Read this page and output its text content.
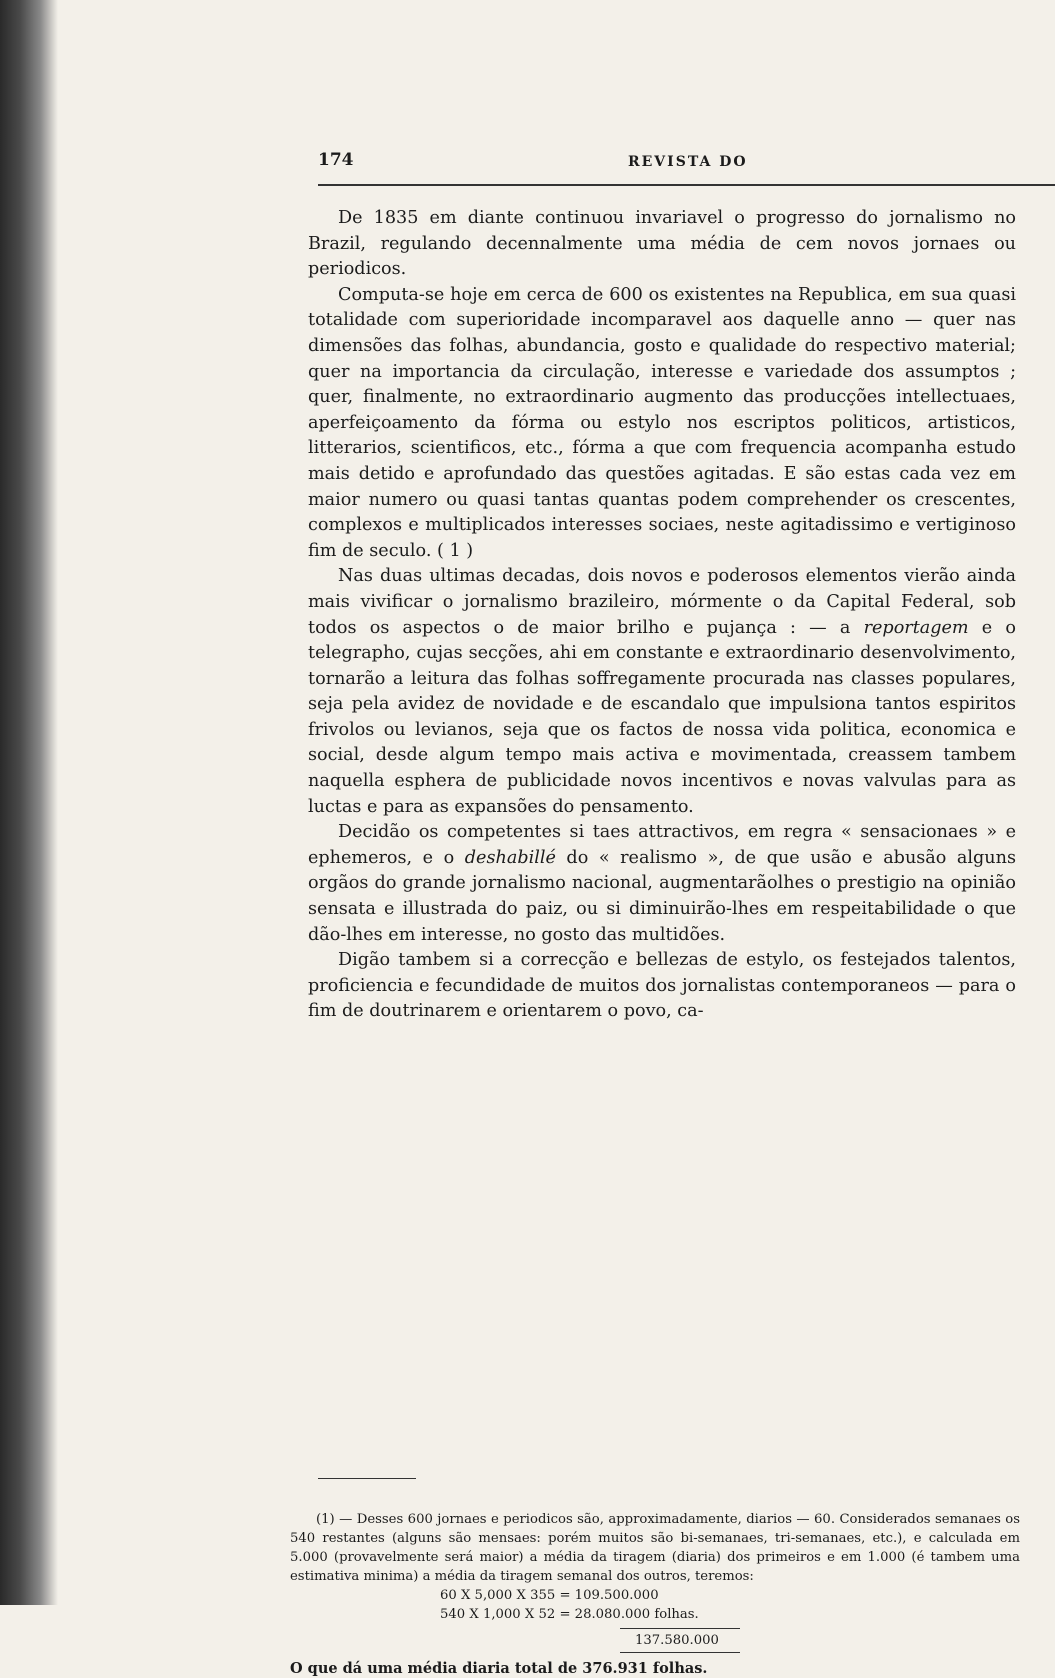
174	REVISTA DO

De 1835 em diante continuou invariavel o progresso do jornalismo no Brazil, regulando decennalmente uma média de cem novos jornaes ou periodicos.

Computa-se hoje em cerca de 600 os existentes na Republica, em sua quasi totalidade com superioridade incomparavel aos daquelle anno — quer nas dimensões das folhas, abundancia, gosto e qualidade do respectivo material; quer na importancia da circulação, interesse e variedade dos assumptos ; quer, finalmente, no extraordinario augmento das producções intellectuaes, aperfeiçoamento da fórma ou estylo nos escriptos politicos, artisticos, litterarios, scientificos, etc., fórma a que com frequencia acompanha estudo mais detido e aprofundado das questões agitadas. E são estas cada vez em maior numero ou quasi tantas quantas podem comprehender os crescentes, complexos e multiplicados interesses sociaes, neste agitadissimo e vertiginoso fim de seculo. ( 1 )

Nas duas ultimas decadas, dois novos e poderosos elementos vierão ainda mais vivificar o jornalismo brazileiro, mórmente o da Capital Federal, sob todos os aspectos o de maior brilho e pujança : — a reportagem e o telegrapho, cujas secções, ahi em constante e extraordinario desenvolvimento, tornarão a leitura das folhas soffregamente procurada nas classes populares, seja pela avidez de novidade e de escandalo que impulsiona tantos espiritos frivolos ou levianos, seja que os factos de nossa vida politica, economica e social, desde algum tempo mais activa e movimentada, creassem tambem naquella esphera de publicidade novos incentivos e novas valvulas para as luctas e para as expansões do pensamento.

Decidão os competentes si taes attractivos, em regra « sensacionaes » e ephemeros, e o deshabillé do « realismo », de que usão e abusão alguns orgãos do grande jornalismo nacional, augmentarãolhes o prestigio na opinião sensata e illustrada do paiz, ou si diminuirão-lhes em respeitabilidade o que dão-lhes em interesse, no gosto das multidões.

Digão tambem si a correcção e bellezas de estylo, os festejados talentos, proficiencia e fecundidade de muitos dos jornalistas contemporaneos — para o fim de doutrinarem e orientarem o povo, ca-

(1) — Desses 600 jornaes e periodicos são, approximadamente, diarios — 60. Considerados semanaes os 540 restantes (alguns são mensaes: porém muitos são bi-semanaes, tri-semanaes, etc.), e calculada em 5.000 (provavelmente será maior) a média da tiragem (diaria) dos primeiros e em 1.000 (é tambem uma estimativa minima) a média da tiragem semanal dos outros, teremos:

60 X 5,000 X 355 = 109.500.000
540 X 1,000 X 52 = 28.080.000 folhas.
137.580.000
O que dá uma média diaria total de 376.931 folhas.
